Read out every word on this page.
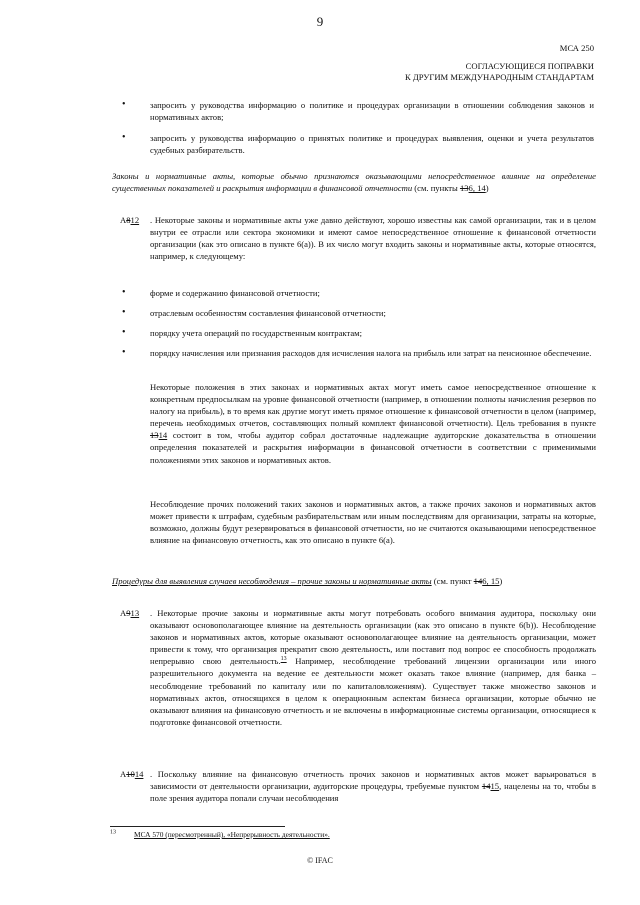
9
МСА 250
СОГЛАСУЮЩИЕСЯ ПОПРАВКИ
К ДРУГИМ МЕЖДУНАРОДНЫМ СТАНДАРТАМ
• запросить у руководства информацию о политике и процедурах организации в отношении соблюдения законов и нормативных актов;
• запросить у руководства информацию о принятых политике и процедурах выявления, оценки и учета результатов судебных разбирательств.
Законы и нормативные акты, которые обычно признаются оказывающими непосредственное влияние на определение существенных показателей и раскрытия информации в финансовой отчетности (см. пункты 136, 14)
A812 . Некоторые законы и нормативные акты уже давно действуют, хорошо известны как самой организации, так и в целом внутри ее отрасли или сектора экономики и имеют самое непосредственное отношение к финансовой отчетности организации (как это описано в пункте 6(а)). В их число могут входить законы и нормативные акты, которые относятся, например, к следующему:
• форме и содержанию финансовой отчетности;
• отраслевым особенностям составления финансовой отчетности;
• порядку учета операций по государственным контрактам;
• порядку начисления или признания расходов для исчисления налога на прибыль или затрат на пенсионное обеспечение.
Некоторые положения в этих законах и нормативных актах могут иметь самое непосредственное отношение к конкретным предпосылкам на уровне финансовой отчетности (например, в отношении полноты начисления резервов по налогу на прибыль), в то время как другие могут иметь прямое отношение к финансовой отчетности в целом (например, перечень необходимых отчетов, составляющих полный комплект финансовой отчетности). Цель требования в пункте 1314 состоит в том, чтобы аудитор собрал достаточные надлежащие аудиторские доказательства в отношении определения показателей и раскрытия информации в финансовой отчетности в соответствии с применимыми положениями этих законов и нормативных актов.
Несоблюдение прочих положений таких законов и нормативных актов, а также прочих законов и нормативных актов может привести к штрафам, судебным разбирательствам или иным последствиям для организации, затраты на которые, возможно, должны будут резервироваться в финансовой отчетности, но не считаются оказывающими непосредственное влияние на финансовую отчетность, как это описано в пункте 6(а).
Процедуры для выявления случаев несоблюдения – прочие законы и нормативные акты (см. пункт 146, 15)
A913 . Некоторые прочие законы и нормативные акты могут потребовать особого внимания аудитора, поскольку они оказывают основополагающее влияние на деятельность организации (как это описано в пункте 6(b)). Несоблюдение законов и нормативных актов, которые оказывают основополагающее влияние на деятельность организации, может привести к тому, что организация прекратит свою деятельность, или поставит под вопрос ее способность продолжать непрерывно свою деятельность.$^{13}$ Например, несоблюдение требований лицензии организации или иного разрешительного документа на ведение ее деятельности может оказать такое влияние (например, для банка – несоблюдение требований по капиталу или по капиталовложениям). Существует также множество законов и нормативных актов, относящихся в целом к операционным аспектам бизнеса организации, которые обычно не оказывают влияния на финансовую отчетность и не включены в информационные системы организации, относящиеся к подготовке финансовой отчетности.
A1014 . Поскольку влияние на финансовую отчетность прочих законов и нормативных актов может варьироваться в зависимости от деятельности организации, аудиторские процедуры, требуемые пунктом 1415, нацелены на то, чтобы в поле зрения аудитора попали случаи несоблюдения
$^{13}$ МСА 570 (пересмотренный), «Непрерывность деятельности».
© IFAC
